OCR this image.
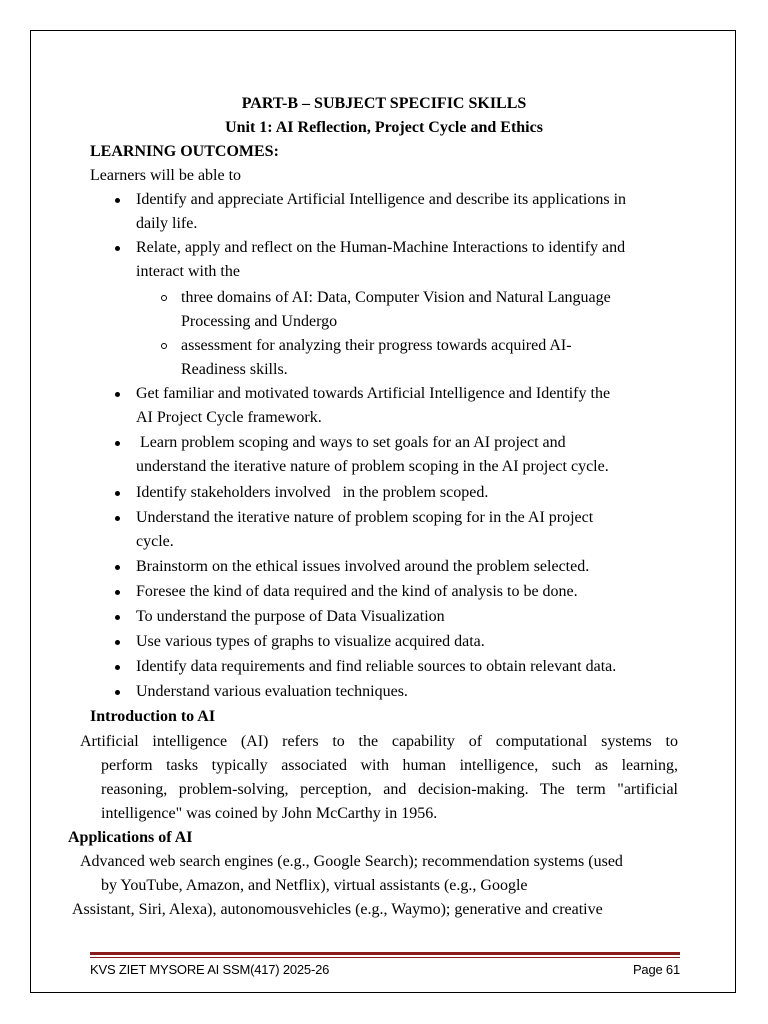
PART-B – SUBJECT SPECIFIC SKILLS
Unit 1: AI Reflection, Project Cycle and Ethics
LEARNING OUTCOMES:
Learners will be able to
Identify and appreciate Artificial Intelligence and describe its applications in
daily life.
Relate, apply and reflect on the Human-Machine Interactions to identify and
interact with the
three domains of AI: Data, Computer Vision and Natural Language
Processing and Undergo
assessment for analyzing their progress towards acquired AI-
Readiness skills.
Get familiar and motivated towards Artificial Intelligence and Identify the
AI Project Cycle framework.
Learn problem scoping and ways to set goals for an AI project and
understand the iterative nature of problem scoping in the AI project cycle.
Identify stakeholders involved   in the problem scoped.
Understand the iterative nature of problem scoping for in the AI project
cycle.
Brainstorm on the ethical issues involved around the problem selected.
Foresee the kind of data required and the kind of analysis to be done.
To understand the purpose of Data Visualization
Use various types of graphs to visualize acquired data.
Identify data requirements and find reliable sources to obtain relevant data.
Understand various evaluation techniques.
Introduction to AI
Artificial intelligence (AI) refers to the capability of computational systems to
perform tasks typically associated with human intelligence, such as learning,
reasoning, problem-solving, perception, and decision-making. The term "artificial
intelligence" was coined by John McCarthy in 1956.
Applications of AI
Advanced web search engines (e.g., Google Search); recommendation systems (used
by YouTube, Amazon, and Netflix), virtual assistants (e.g., Google
Assistant, Siri, Alexa), autonomousvehicles (e.g., Waymo); generative and creative
KVS ZIET MYSORE AI SSM(417) 2025-26	Page 61
